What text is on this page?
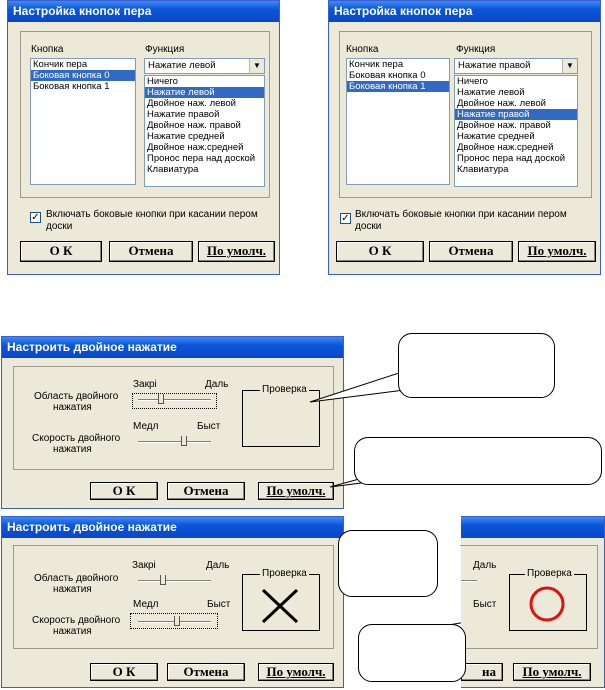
Настройка кнопок пера
Кнопка	Функция
Кончик пера
Боковая кнопка 0
Боковая кнопка 1
Нажатие левой	▼
Ничего
Нажатие левой
Двойное наж. левой
Нажатие правой
Двойное наж. правой
Нажатие средней
Двойное наж.средней
Пронос пера над доской
Клавиатура
✓ Включать боковые кнопки при касании пером
доски
О К	Отмена	По умолч.
Настройка кнопок пера
Кнопка	Функция
Кончик пера
Боковая кнопка 0
Боковая кнопка 1
Нажатие правой	▼
Ничего
Нажатие левой
Двойное наж. левой
Нажатие правой
Двойное наж. правой
Нажатие средней
Двойное наж.средней
Пронос пера над доской
Клавиатура
✓ Включать боковые кнопки при касании пером
доски
О К	Отмена	По умолч.
Настроить двойное нажатие
Закрі	Даль
Область двойного
нажатия
Медл	Быст
Скорость двойного
нажатия
Проверка
О К	Отмена	По умолч.
Настроить двойное нажатие
Закрі	Даль
Область двойного
нажатия
Медл	Быст
Скорость двойного
нажатия
Проверка
О К	Отмена	По умолч.
Даль
Быст
Проверка
на	По умолч.
